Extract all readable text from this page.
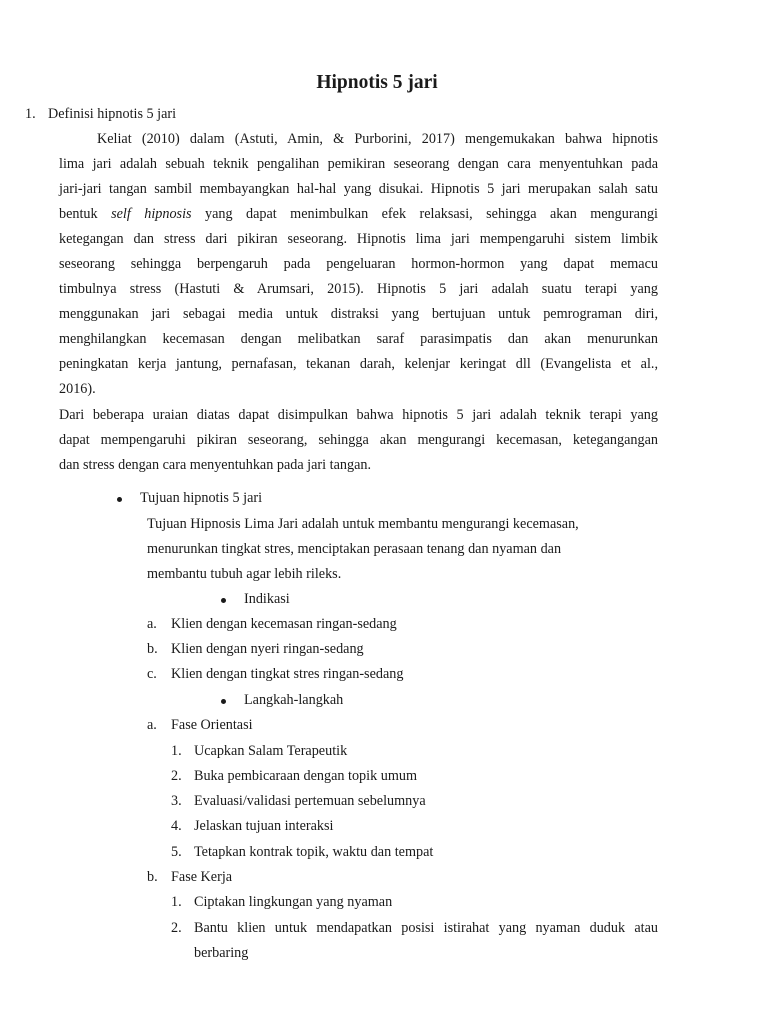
Hipnotis 5 jari
1. Definisi hipnotis 5 jari
Keliat (2010) dalam (Astuti, Amin, & Purborini, 2017) mengemukakan bahwa hipnotis
lima jari adalah sebuah teknik pengalihan pemikiran seseorang dengan cara menyentuhkan pada
jari-jari tangan sambil membayangkan hal-hal yang disukai. Hipnotis 5 jari merupakan salah satu
bentuk self hipnosis yang dapat menimbulkan efek relaksasi, sehingga akan mengurangi
ketegangan dan stress dari pikiran seseorang. Hipnotis lima jari mempengaruhi sistem limbik
seseorang sehingga berpengaruh pada pengeluaran hormon-hormon yang dapat memacu
timbulnya stress (Hastuti & Arumsari, 2015). Hipnotis 5 jari adalah suatu terapi yang
menggunakan jari sebagai media untuk distraksi yang bertujuan untuk pemrograman diri,
menghilangkan kecemasan dengan melibatkan saraf parasimpatis dan akan menurunkan
peningkatan kerja jantung, pernafasan, tekanan darah, kelenjar keringat dll (Evangelista et al.,
2016).
Dari beberapa uraian diatas dapat disimpulkan bahwa hipnotis 5 jari adalah teknik terapi yang
dapat mempengaruhi pikiran seseorang, sehingga akan mengurangi kecemasan, ketegangangan
dan stress dengan cara menyentuhkan pada jari tangan.
Tujuan hipnotis 5 jari
Tujuan Hipnosis Lima Jari adalah untuk membantu mengurangi kecemasan,
menurunkan tingkat stres, menciptakan perasaan tenang dan nyaman dan
membantu tubuh agar lebih rileks.
Indikasi
a. Klien dengan kecemasan ringan-sedang
b. Klien dengan nyeri ringan-sedang
c. Klien dengan tingkat stres ringan-sedang
Langkah-langkah
a. Fase Orientasi
1. Ucapkan Salam Terapeutik
2. Buka pembicaraan dengan topik umum
3. Evaluasi/validasi pertemuan sebelumnya
4. Jelaskan tujuan interaksi
5. Tetapkan kontrak topik, waktu dan tempat
b. Fase Kerja
1. Ciptakan lingkungan yang nyaman
2. Bantu klien untuk mendapatkan posisi istirahat yang nyaman duduk atau
berbaring
